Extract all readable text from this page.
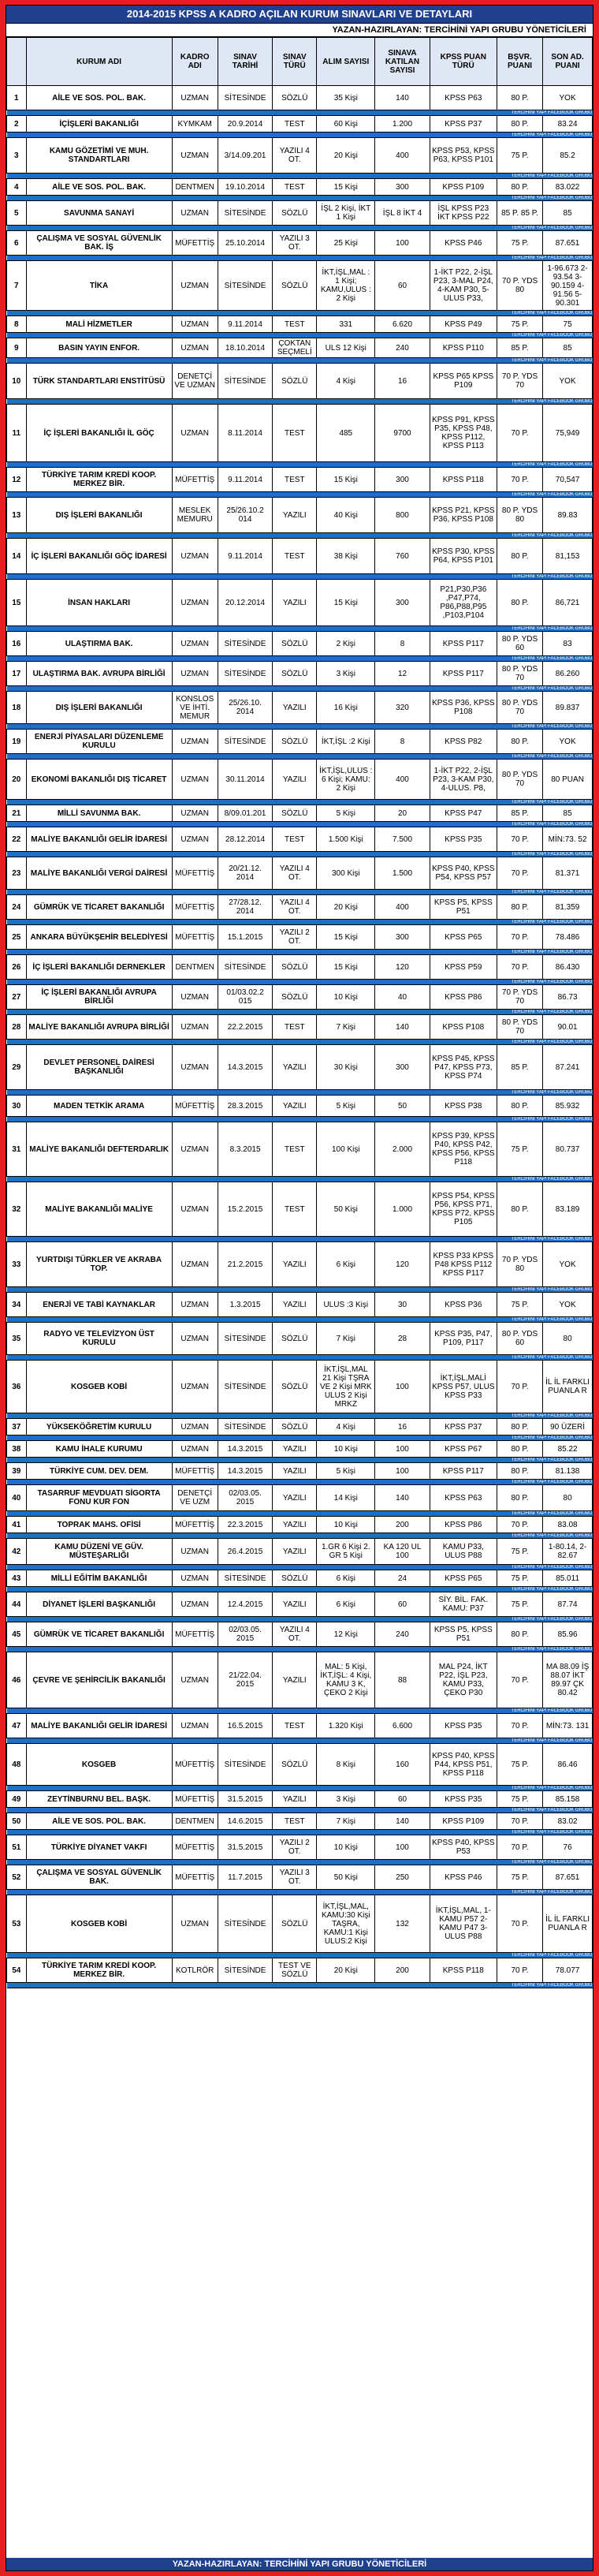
2014-2015 KPSS A KADRO AÇILAN KURUM SINAVLARI VE DETAYLARI
YAZAN-HAZIRLAYAN: TERCİHİNİ YAPI GRUBU YÖNETİCİLERİ
	KURUM ADI	KADRO ADI	SINAV TARİHİ	SINAV TÜRÜ	ALIM SAYISI	SINAVA KATILAN SAYISI	KPSS PUAN TÜRÜ	BŞVR. PUANI	SON AD. PUANI
1	AİLE VE SOS. POL. BAK.	UZMAN	SİTESİNDE	SÖZLÜ	35 Kişi	140	KPSS P63	80 P.	YOK
TERCİHİNİ YAP! FACEBOOK GRUBU									
2	İÇİŞLERİ BAKANLIĞI	KYMKAM	20.9.2014	TEST	60 Kişi	1.200	KPSS P37	80 P.	83.24
TERCİHİNİ YAP! FACEBOOK GRUBU									
3	KAMU GÖZETİMİ VE MUH. STANDARTLARI	UZMAN	3/14.09.201	YAZILI 4 OT.	20 Kişi	400	KPSS P53, KPSS P63, KPSS P101	75 P.	85.2
TERCİHİNİ YAP! FACEBOOK GRUBU									
4	AİLE VE SOS. POL. BAK.	DENTMEN	19.10.2014	TEST	15 Kişi	300	KPSS P109	80 P.	83.022
TERCİHİNİ YAP! FACEBOOK GRUBU									
5	SAVUNMA SANAYİ	UZMAN	SİTESİNDE	SÖZLÜ	İŞL 2 Kişi, İKT 1 Kişi	İŞL 8 İKT 4	İŞL KPSS P23 İKT KPSS P22	85 P. 85 P.	85
TERCİHİNİ YAP! FACEBOOK GRUBU									
6	ÇALIŞMA VE SOSYAL GÜVENLİK BAK. İŞ	MÜFETTİŞ	25.10.2014	YAZILI 3 OT.	25 Kişi	100	KPSS P46	75 P.	87.651
TERCİHİNİ YAP! FACEBOOK GRUBU									
7	TİKA	UZMAN	SİTESİNDE	SÖZLÜ	İKT,İŞL,MAL : 1 Kişi; KAMU,ULUS : 2 Kişi	60	1-İKT P22, 2-İŞL P23, 3-MAL P24, 4-KAM P30, 5-ULUS P33,	70 P. YDS 80	1-96.673 2-93.54 3-90.159 4-91.56 5-90.301
TERCİHİNİ YAP! FACEBOOK GRUBU									
8	MALİ HİZMETLER	UZMAN	9.11.2014	TEST	331	6.620	KPSS P49	75 P.	75
TERCİHİNİ YAP! FACEBOOK GRUBU									
9	BASIN YAYIN ENFOR.	UZMAN	18.10.2014	ÇOKTAN SEÇMELİ	ULS 12 Kişi	240	KPSS P110	85 P.	85
TERCİHİNİ YAP! FACEBOOK GRUBU									
10	TÜRK STANDARTLARI ENSTİTÜSÜ	DENETÇİ VE UZMAN	SİTESİNDE	SÖZLÜ	4 Kişi	16	KPSS P65 KPSS P109	70 P. YDS 70	YOK
TERCİHİNİ YAP! FACEBOOK GRUBU									
11	İÇ İŞLERİ BAKANLIĞI İL GÖÇ	UZMAN	8.11.2014	TEST	485	9700	KPSS P91, KPSS P35, KPSS P48, KPSS P112, KPSS P113	70 P.	75,949
TERCİHİNİ YAP! FACEBOOK GRUBU									
12	TÜRKİYE TARIM KREDİ KOOP. MERKEZ BİR.	MÜFETTİŞ	9.11.2014	TEST	15 Kişi	300	KPSS P118	70 P.	70,547
TERCİHİNİ YAP! FACEBOOK GRUBU									
13	DIŞ İŞLERİ BAKANLIĞI	MESLEK MEMURU	25/26.10.2 014	YAZILI	40 Kişi	800	KPSS P21, KPSS P36, KPSS P108	80 P. YDS 80	89.83
TERCİHİNİ YAP! FACEBOOK GRUBU									
14	İÇ İŞLERİ BAKANLIĞI GÖÇ İDARESİ	UZMAN	9.11.2014	TEST	38 Kişi	760	KPSS P30, KPSS P64, KPSS P101	80 P.	81,153
TERCİHİNİ YAP! FACEBOOK GRUBU									
15	İNSAN HAKLARI	UZMAN	20.12.2014	YAZILI	15 Kişi	300	P21,P30,P36 ,P47,P74, P86,P88,P95 ,P103,P104	80 P.	86,721
TERCİHİNİ YAP! FACEBOOK GRUBU									
16	ULAŞTIRMA BAK.	UZMAN	SİTESİNDE	SÖZLÜ	2 Kişi	8	KPSS P117	80 P. YDS 60	83
TERCİHİNİ YAP! FACEBOOK GRUBU									
17	ULAŞTIRMA BAK. AVRUPA BİRLİĞİ	UZMAN	SİTESİNDE	SÖZLÜ	3 Kişi	12	KPSS P117	80 P. YDS 70	86.260
TERCİHİNİ YAP! FACEBOOK GRUBU									
18	DIŞ İŞLERİ BAKANLIĞI	KONSLOS VE İHTİ. MEMUR	25/26.10. 2014	YAZILI	16 Kişi	320	KPSS P36, KPSS P108	80 P. YDS 70	89.837
TERCİHİNİ YAP! FACEBOOK GRUBU									
19	ENERJİ PİYASALARI DÜZENLEME KURULU	UZMAN	SİTESİNDE	SÖZLÜ	İKT,İŞL :2 Kişi	8	KPSS P82	80 P.	YOK
TERCİHİNİ YAP! FACEBOOK GRUBU									
20	EKONOMİ BAKANLIĞI DIŞ TİCARET	UZMAN	30.11.2014	YAZILI	İKT,İŞL,ULUS : 6 Kişi; KAMU: 2 Kişi	400	1-İKT P22, 2-İŞL P23, 3-KAM P30, 4-ULUS. P8,	80 P. YDS 70	80 PUAN
TERCİHİNİ YAP! FACEBOOK GRUBU									
21	MİLLİ SAVUNMA BAK.	UZMAN	8/09.01.201	SÖZLÜ	5 Kişi	20	KPSS P47	85 P.	85
TERCİHİNİ YAP! FACEBOOK GRUBU									
22	MALİYE BAKANLIĞI GELİR İDARESİ	UZMAN	28.12.2014	TEST	1.500 Kişi	7.500	KPSS P35	70 P.	MİN:73. 52
TERCİHİNİ YAP! FACEBOOK GRUBU									
23	MALİYE BAKANLIĞI VERGİ DAİRESİ	MÜFETTİŞ	20/21.12. 2014	YAZILI 4 OT.	300 Kişi	1.500	KPSS P40, KPSS P54, KPSS P57	70 P.	81.371
TERCİHİNİ YAP! FACEBOOK GRUBU									
24	GÜMRÜK VE TİCARET BAKANLIĞI	MÜFETTİŞ	27/28.12. 2014	YAZILI 4 OT.	20 Kişi	400	KPSS P5, KPSS P51	80 P.	81.359
TERCİHİNİ YAP! FACEBOOK GRUBU									
25	ANKARA BÜYÜKŞEHİR BELEDİYESİ	MÜFETTİŞ	15.1.2015	YAZILI 2 OT.	15 Kişi	300	KPSS P65	70 P.	78.486
TERCİHİNİ YAP! FACEBOOK GRUBU									
26	İÇ İŞLERİ BAKANLIĞI DERNEKLER	DENTMEN	SİTESİNDE	SÖZLÜ	15 Kişi	120	KPSS P59	70 P.	86.430
TERCİHİNİ YAP! FACEBOOK GRUBU									
27	İÇ İŞLERİ BAKANLIĞI AVRUPA BİRLİĞİ	UZMAN	01/03.02.2 015	SÖZLÜ	10 Kişi	40	KPSS P86	70 P. YDS 70	86.73
TERCİHİNİ YAP! FACEBOOK GRUBU									
28	MALİYE BAKANLIĞI AVRUPA BİRLİĞİ	UZMAN	22.2.2015	TEST	7 Kişi	140	KPSS P108	80 P. YDS 70	90.01
TERCİHİNİ YAP! FACEBOOK GRUBU									
29	DEVLET PERSONEL DAİRESİ BAŞKANLIĞI	UZMAN	14.3.2015	YAZILI	30 Kişi	300	KPSS P45, KPSS P47, KPSS P73, KPSS P74	85 P.	87.241
TERCİHİNİ YAP! FACEBOOK GRUBU									
30	MADEN TETKİK ARAMA	MÜFETTİŞ	28.3.2015	YAZILI	5 Kişi	50	KPSS P38	80 P.	85.932
TERCİHİNİ YAP! FACEBOOK GRUBU									
31	MALİYE BAKANLIĞI DEFTERDARLIK	UZMAN	8.3.2015	TEST	100 Kişi	2.000	KPSS P39, KPSS P40, KPSS P42, KPSS P56, KPSS P118	75 P.	80.737
TERCİHİNİ YAP! FACEBOOK GRUBU									
32	MALİYE BAKANLIĞI MALİYE	UZMAN	15.2.2015	TEST	50 Kişi	1.000	KPSS P54, KPSS P56, KPSS P71, KPSS P72, KPSS P105	80 P.	83.189
TERCİHİNİ YAP! FACEBOOK GRUBU									
33	YURTDIŞI TÜRKLER VE AKRABA TOP.	UZMAN	21.2.2015	YAZILI	6 Kişi	120	KPSS P33 KPSS P48 KPSS P112 KPSS P117	70 P. YDS 80	YOK
TERCİHİNİ YAP! FACEBOOK GRUBU									
34	ENERJİ VE TABİ KAYNAKLAR	UZMAN	1.3.2015	YAZILI	ULUS :3 Kişi	30	KPSS P36	75 P.	YOK
TERCİHİNİ YAP! FACEBOOK GRUBU									
35	RADYO VE TELEVİZYON ÜST KURULU	UZMAN	SİTESİNDE	SÖZLÜ	7 Kişi	28	KPSS P35, P47, P109, P117	80 P. YDS 60	80
TERCİHİNİ YAP! FACEBOOK GRUBU									
36	KOSGEB KOBİ	UZMAN	SİTESİNDE	SÖZLÜ	İKT,İŞL,MAL 21 Kişi TŞRA VE 2 Kişi MRK ULUS 2 Kişi MRKZ	100	İKT,İŞL,MALİ KPSS P57, ULUS KPSS P33	70 P.	İL İL FARKLI PUANLA R
TERCİHİNİ YAP! FACEBOOK GRUBU									
37	YÜKSEKÖĞRETİM KURULU	UZMAN	SİTESİNDE	SÖZLÜ	4 Kişi	16	KPSS P37	80 P.	90 ÜZERİ
TERCİHİNİ YAP! FACEBOOK GRUBU									
38	KAMU İHALE KURUMU	UZMAN	14.3.2015	YAZILI	10 Kişi	100	KPSS P67	80 P.	85.22
TERCİHİNİ YAP! FACEBOOK GRUBU									
39	TÜRKİYE CUM. DEV. DEM.	MÜFETTİŞ	14.3.2015	YAZILI	5 Kişi	100	KPSS P117	80 P.	81.138
TERCİHİNİ YAP! FACEBOOK GRUBU									
40	TASARRUF MEVDUATI SİGORTA FONU KUR FON	DENETÇİ VE UZM	02/03.05. 2015	YAZILI	14 Kişi	140	KPSS P63	80 P.	80
TERCİHİNİ YAP! FACEBOOK GRUBU									
41	TOPRAK MAHS. OFİSİ	MÜFETTİŞ	22.3.2015	YAZILI	10 Kişi	200	KPSS P86	70 P.	83.08
TERCİHİNİ YAP! FACEBOOK GRUBU									
42	KAMU DÜZENİ VE GÜV. MÜSTEŞARLIĞI	UZMAN	26.4.2015	YAZILI	1.GR 6 Kişi 2. GR 5 Kişi	KA 120 UL 100	KAMU P33, ULUS P88	75 P.	1-80.14, 2-82.67
TERCİHİNİ YAP! FACEBOOK GRUBU									
43	MİLLİ EĞİTİM BAKANLIĞI	UZMAN	SİTESİNDE	SÖZLÜ	6 Kişi	24	KPSS P65	75 P.	85.011
TERCİHİNİ YAP! FACEBOOK GRUBU									
44	DİYANET İŞLERİ BAŞKANLIĞI	UZMAN	12.4.2015	YAZILI	6 Kişi	60	SİY. BİL. FAK. KAMU: P37	75 P.	87.74
TERCİHİNİ YAP! FACEBOOK GRUBU									
45	GÜMRÜK VE TİCARET BAKANLIĞI	MÜFETTİŞ	02/03.05. 2015	YAZILI 4 OT.	12 Kişi	240	KPSS P5, KPSS P51	80 P.	85.96
TERCİHİNİ YAP! FACEBOOK GRUBU									
46	ÇEVRE VE ŞEHİRCİLİK BAKANLIĞI	UZMAN	21/22.04. 2015	YAZILI	MAL: 5 Kişi, İKT,İŞL: 4 Kişi, KAMU 3 K, ÇEKO 2 Kişi	88	MAL P24, İKT P22, İŞL P23, KAMU P33, ÇEKO P30	70 P.	MA 88.09 İŞ 88.07 İKT 89.97 ÇK 80.42
TERCİHİNİ YAP! FACEBOOK GRUBU									
47	MALİYE BAKANLIĞI GELİR İDARESİ	UZMAN	16.5.2015	TEST	1.320 Kişi	6.600	KPSS P35	70 P.	MİN:73. 131
TERCİHİNİ YAP! FACEBOOK GRUBU									
48	KOSGEB	MÜFETTİŞ	SİTESİNDE	SÖZLÜ	8 Kişi	160	KPSS P40, KPSS P44, KPSS P51, KPSS P118	75 P.	86.46
TERCİHİNİ YAP! FACEBOOK GRUBU									
49	ZEYTİNBURNU BEL. BAŞK.	MÜFETTİŞ	31.5.2015	YAZILI	3 Kişi	60	KPSS P35	75 P.	85.158
TERCİHİNİ YAP! FACEBOOK GRUBU									
50	AİLE VE SOS. POL. BAK.	DENTMEN	14.6.2015	TEST	7 Kişi	140	KPSS P109	70 P.	83.02
TERCİHİNİ YAP! FACEBOOK GRUBU									
51	TÜRKİYE DİYANET VAKFI	MÜFETTİŞ	31.5.2015	YAZILI 2 OT.	10 Kişi	100	KPSS P40, KPSS P53	70 P.	76
TERCİHİNİ YAP! FACEBOOK GRUBU									
52	ÇALIŞMA VE SOSYAL GÜVENLİK BAK.	MÜFETTİŞ	11.7.2015	YAZILI 3 OT.	50 Kişi	250	KPSS P46	75 P.	87.651
TERCİHİNİ YAP! FACEBOOK GRUBU									
53	KOSGEB KOBİ	UZMAN	SİTESİNDE	SÖZLÜ	İKT,İŞL,MAL, KAMU:30 Kişi TAŞRA, KAMU:1 Kişi ULUS:2 Kişi	132	İKT,İŞL,MAL, 1-KAMU P57 2-KAMU P47 3- ULUS P88	70 P.	İL İL FARKLI PUANLA R
TERCİHİNİ YAP! FACEBOOK GRUBU									
54	TÜRKİYE TARIM KREDİ KOOP. MERKEZ BİR.	KOTLRÖR	SİTESİNDE	TEST VE SÖZLÜ	20 Kişi	200	KPSS P118	70 P.	78.077
TERCİHİNİ YAP! FACEBOOK GRUBU									
YAZAN-HAZIRLAYAN: TERCİHİNİ YAPI GRUBU YÖNETİCİLERİ
